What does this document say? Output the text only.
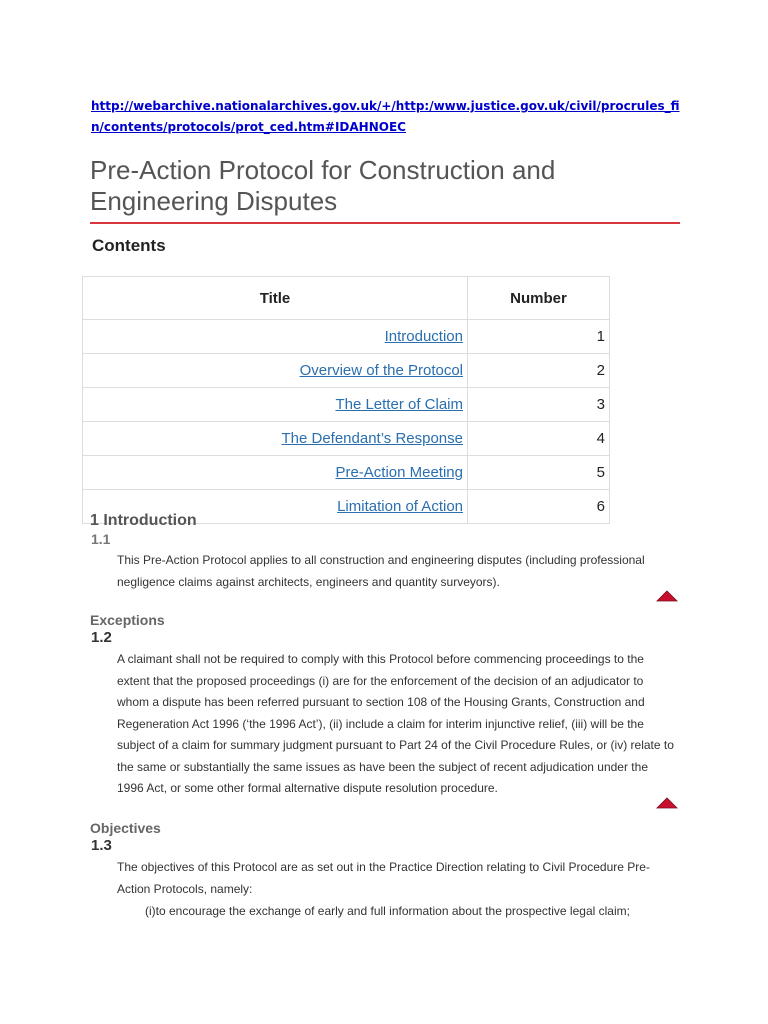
http://webarchive.nationalarchives.gov.uk/+/http:/www.justice.gov.uk/civil/procrules_fin/contents/protocols/prot_ced.htm#IDAHNOEC
Pre-Action Protocol for Construction and Engineering Disputes
Contents
Title	Number
Introduction	1
Overview of the Protocol	2
The Letter of Claim	3
The Defendant’s Response	4
Pre-Action Meeting	5
Limitation of Action	6
1 Introduction
1.1

This Pre-Action Protocol applies to all construction and engineering disputes (including professional negligence claims against architects, engineers and quantity surveyors).

Exceptions
1.2

A claimant shall not be required to comply with this Protocol before commencing proceedings to the extent that the proposed proceedings (i) are for the enforcement of the decision of an adjudicator to whom a dispute has been referred pursuant to section 108 of the Housing Grants, Construction and Regeneration Act 1996 (‘the 1996 Act’), (ii) include a claim for interim injunctive relief, (iii) will be the subject of a claim for summary judgment pursuant to Part 24 of the Civil Procedure Rules, or (iv) relate to the same or substantially the same issues as have been the subject of recent adjudication under the 1996 Act, or some other formal alternative dispute resolution procedure.

Objectives
1.3

The objectives of this Protocol are as set out in the Practice Direction relating to Civil Procedure Pre-Action Protocols, namely:

(i)to encourage the exchange of early and full information about the prospective legal claim;
